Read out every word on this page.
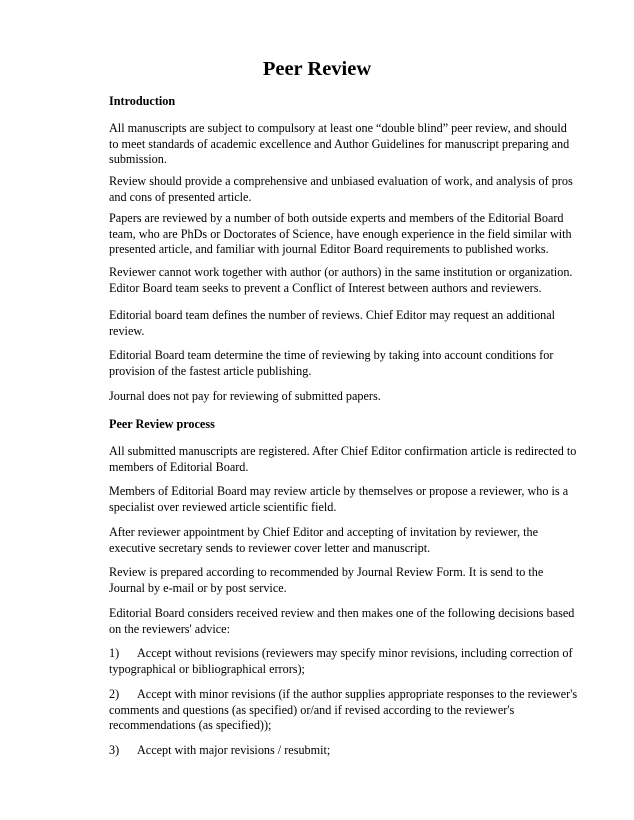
Peer Review
Introduction
All manuscripts are subject to compulsory at least one “double blind” peer review, and should to meet standards of academic excellence and Author Guidelines for manuscript preparing and submission.
Review should provide a comprehensive and unbiased evaluation of work, and analysis of pros and cons of presented article.
Papers are reviewed by a number of both outside experts and members of the Editorial Board team, who are PhDs or Doctorates of Science, have enough experience in the field similar with presented article, and familiar with journal Editor Board requirements to published works.
Reviewer cannot work together with author (or authors) in the same institution or organization. Editor Board team seeks to prevent a Conflict of Interest between authors and reviewers.
Editorial board team defines the number of reviews. Chief Editor may request an additional review.
Editorial Board team determine the time of reviewing by taking into account conditions for provision of the fastest article publishing.
Journal does not pay for reviewing of submitted papers.
Peer Review process
All submitted manuscripts are registered. After Chief Editor confirmation article is redirected to members of Editorial Board.
Members of Editorial Board may review article by themselves or propose a reviewer, who is a specialist over reviewed article scientific field.
After reviewer appointment by Chief Editor and accepting of invitation by reviewer, the executive secretary sends to reviewer cover letter and manuscript.
Review is prepared according to recommended by Journal Review Form. It is send to the Journal by e-mail or by post service.
Editorial Board considers received review and then makes one of the following decisions based on the reviewers' advice:
1) Accept without revisions (reviewers may specify minor revisions, including correction of typographical or bibliographical errors);
2) Accept with minor revisions (if the author supplies appropriate responses to the reviewer's comments and questions (as specified) or/and if revised according to the reviewer's recommendations (as specified));
3) Accept with major revisions / resubmit;
